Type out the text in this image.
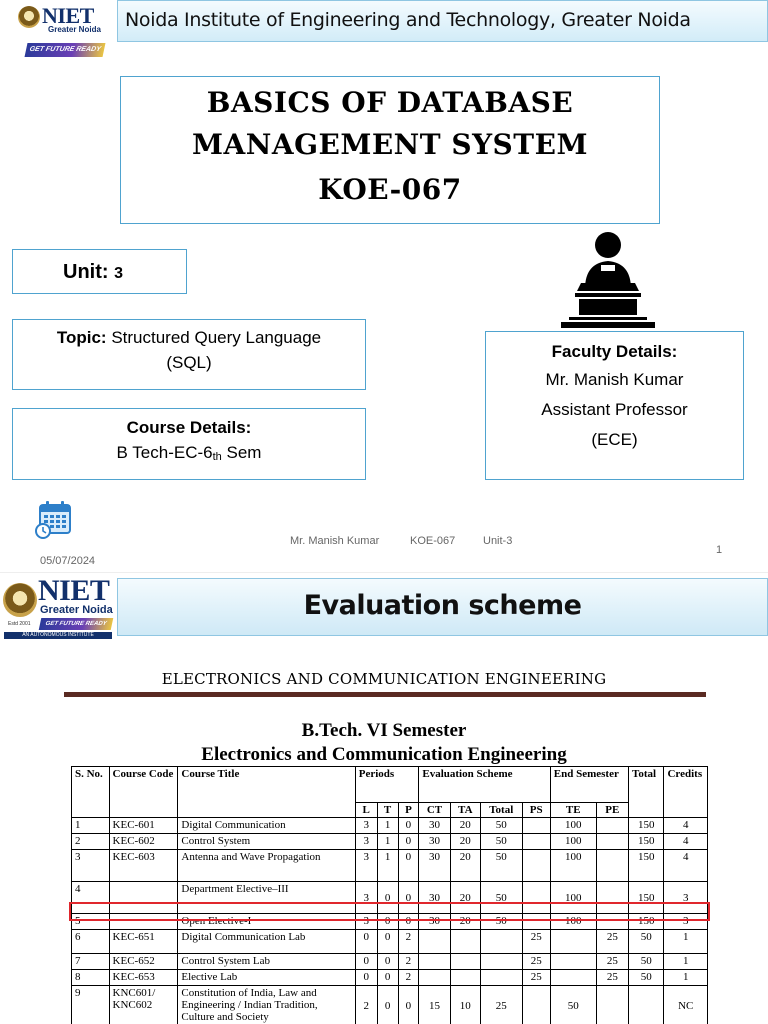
NIET
Greater Noida
GET FUTURE READY
Noida Institute of Engineering and Technology, Greater Noida
BASICS OF DATABASE
MANAGEMENT SYSTEM
KOE-067
Unit: 3
Topic: Structured Query Language
(SQL)
Course Details:
B Tech-EC-6th Sem
Faculty Details:
Mr. Manish Kumar
Assistant Professor
(ECE)
Mr. Manish Kumar	KOE-067	Unit-3
1
05/07/2024
NIET
Greater Noida
GET FUTURE READY
Estd 2001
AN AUTONOMOUS INSTITUTE
Evaluation scheme
ELECTRONICS AND COMMUNICATION ENGINEERING
B.Tech. VI Semester
Electronics and Communication Engineering
S. No.	Course Code	Course Title	Periods			Evaluation Scheme				End Semester		Total	Credits
			L	T	P	CT	TA	Total	PS	TE	PE		
1	KEC-601	Digital Communication	3	1	0	30	20	50		100		150	4
2	KEC-602	Control System	3	1	0	30	20	50		100		150	4
3	KEC-603	Antenna and Wave Propagation	3	1	0	30	20	50		100		150	4
4		Department Elective–III	3	0	0	30	20	50		100		150	3
5		Open Elective-I	3	0	0	30	20	50		100		150	3
6	KEC-651	Digital Communication Lab	0	0	2				25		25	50	1
7	KEC-652	Control System Lab	0	0	2				25		25	50	1
8	KEC-653	Elective Lab	0	0	2				25		25	50	1
9	KNC601/ KNC602	Constitution of India, Law and Engineering / Indian Tradition, Culture and Society	2	0	0	15	10	25		50			NC
